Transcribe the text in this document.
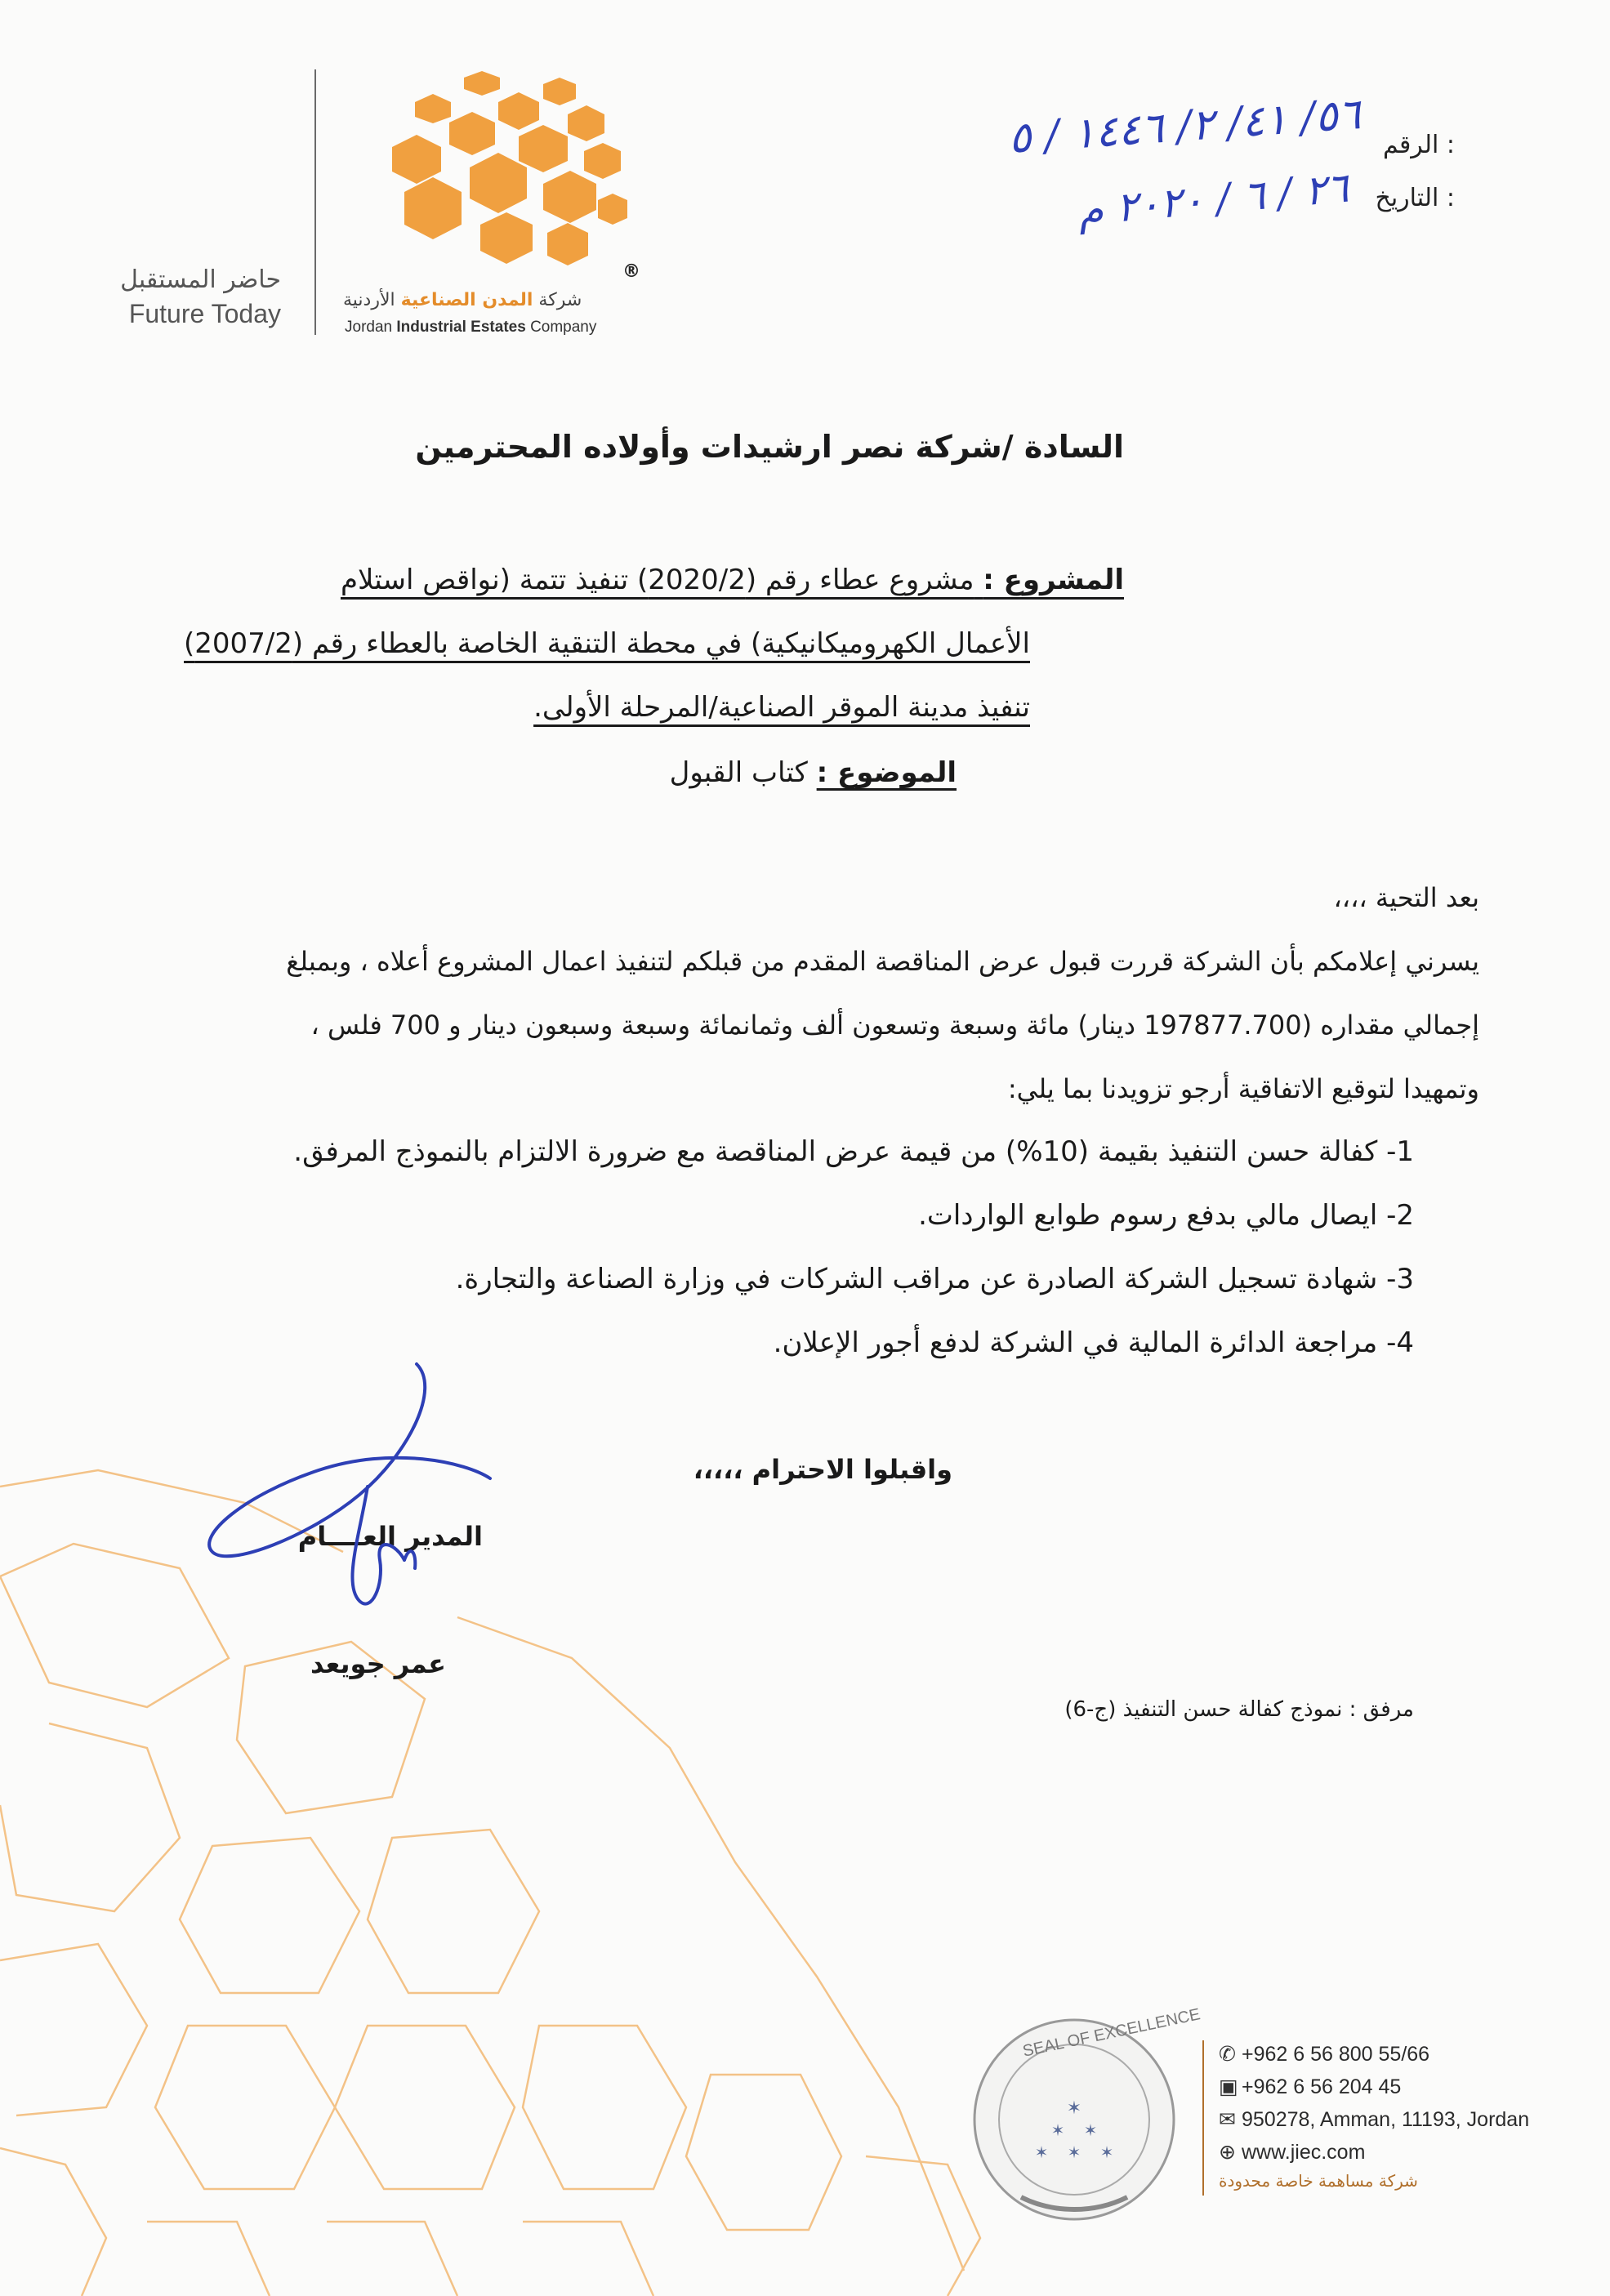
®
حاضر المستقبل
Future Today	شركة المدن الصناعية الأردنية
Jordan Industrial Estates Company
الرقم :
٥٦/ ٤١/ ٢/ ١٤٤٦ / ٥
التاريخ :
٢٦ / ٦ / ٢٠٢٠ م
السادة /شركة نصر ارشيدات وأولاده المحترمين
المشروع : مشروع عطاء رقم (2020/2) تنفيذ تتمة (نواقص استلام
الأعمال الكهروميكانيكية) في محطة التنقية الخاصة بالعطاء رقم (2007/2)
تنفيذ مدينة الموقر الصناعية/المرحلة الأولى.
الموضوع : كتاب القبول
بعد التحية ،،،،
يسرني إعلامكم بأن الشركة قررت قبول عرض المناقصة المقدم من قبلكم لتنفيذ اعمال المشروع أعلاه ، وبمبلغ
إجمالي مقداره (197877.700 دينار) مائة وسبعة وتسعون ألف وثمانمائة وسبعة وسبعون دينار و 700 فلس ،
وتمهيدا لتوقيع الاتفاقية أرجو تزويدنا بما يلي:
1- كفالة حسن التنفيذ بقيمة (10%) من قيمة عرض المناقصة مع ضرورة الالتزام بالنموذج المرفق.
2- ايصال مالي بدفع رسوم طوابع الواردات.
3- شهادة تسجيل الشركة الصادرة عن مراقب الشركات في وزارة الصناعة والتجارة.
4- مراجعة الدائرة المالية في الشركة لدفع أجور الإعلان.
واقبلوا الاحترام ،،،،،
المدير العــــام
عمر جويعد
مرفق : نموذج كفالة حسن التنفيذ (ج-6)
✶
✶ ✶
✶ ✶ ✶
SEAL OF EXCELLENCE ✆ +962 6 56 800 55/66
▣ +962 6 56 204 45
✉ 950278, Amman, 11193, Jordan
⊕ www.jiec.com
شركة مساهمة خاصة محدودة
